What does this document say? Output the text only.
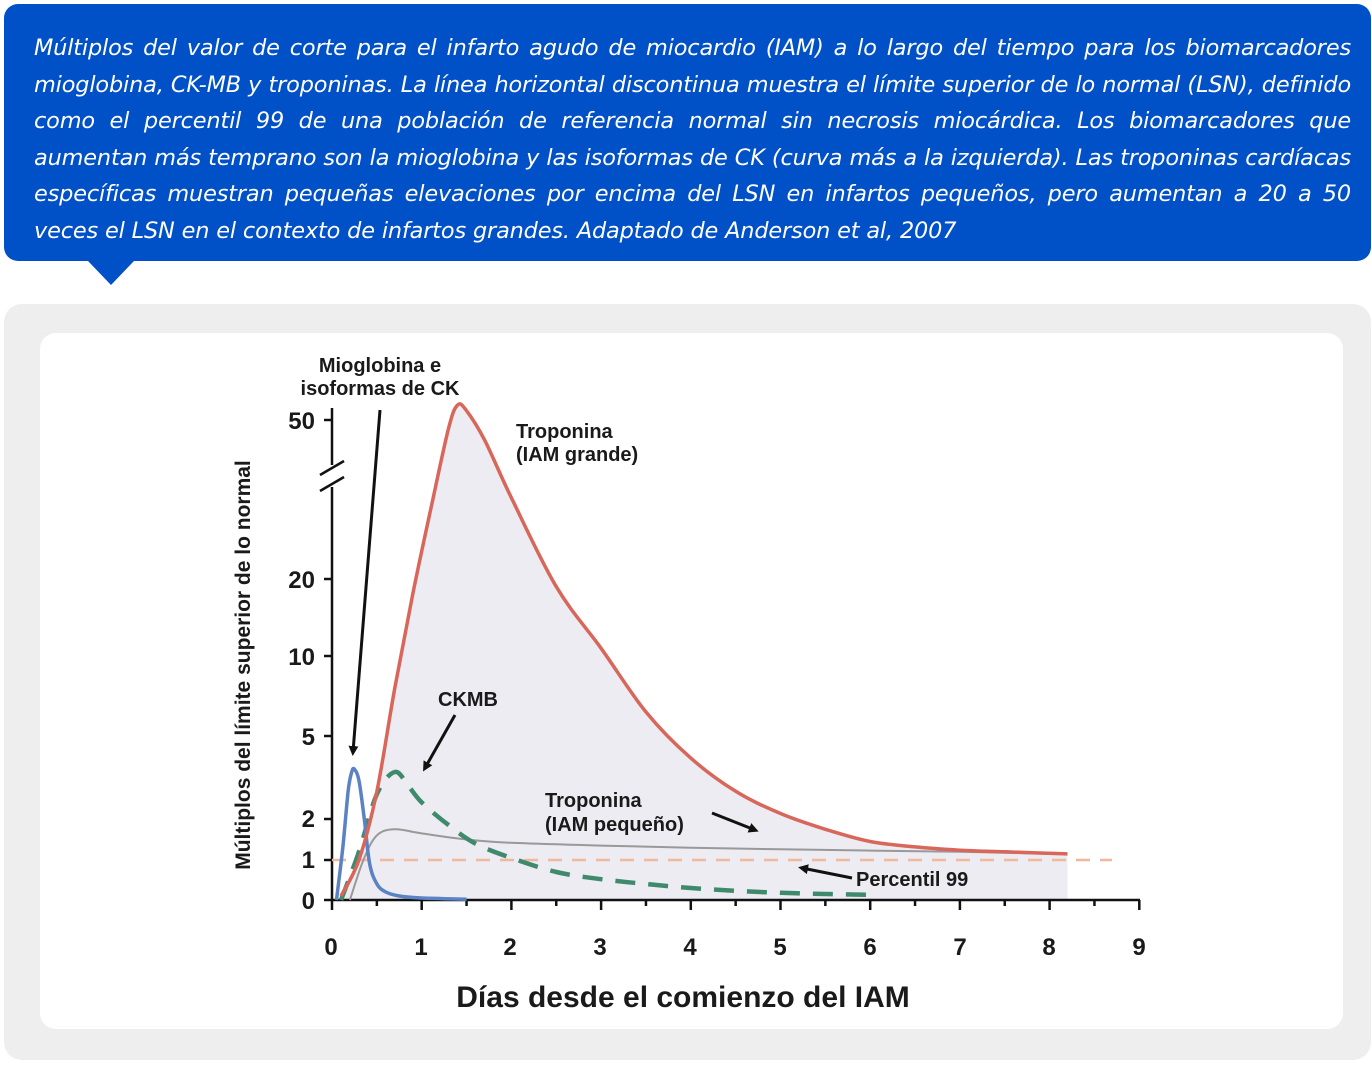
Múltiplos del valor de corte para el infarto agudo de miocardio (IAM) a lo largo del tiempo para los biomarcadores mioglobina, CK-MB y troponinas. La línea horizontal discontinua muestra el límite superior de lo normal (LSN), definido como el percentil 99 de una población de referencia normal sin necrosis miocárdica. Los biomarcadores que aumentan más temprano son la mioglobina y las isoformas de CK (curva más a la izquierda). Las troponinas cardíacas específicas muestran pequeñas elevaciones por encima del LSN en infartos pequeños, pero aumentan a 20 a 50 veces el LSN en el contexto de infartos grandes. Adaptado de Anderson et al, 2007

0	1	2	3	4	5	6	7	8	9
0
1
2
5
10
20
50
Días desde el comienzo del IAM
Múltiplos del límite superior de lo normal
Mioglobina e
isoformas de CK
Troponina
(IAM grande)
CKMB
Troponina
(IAM pequeño)
Percentil 99
